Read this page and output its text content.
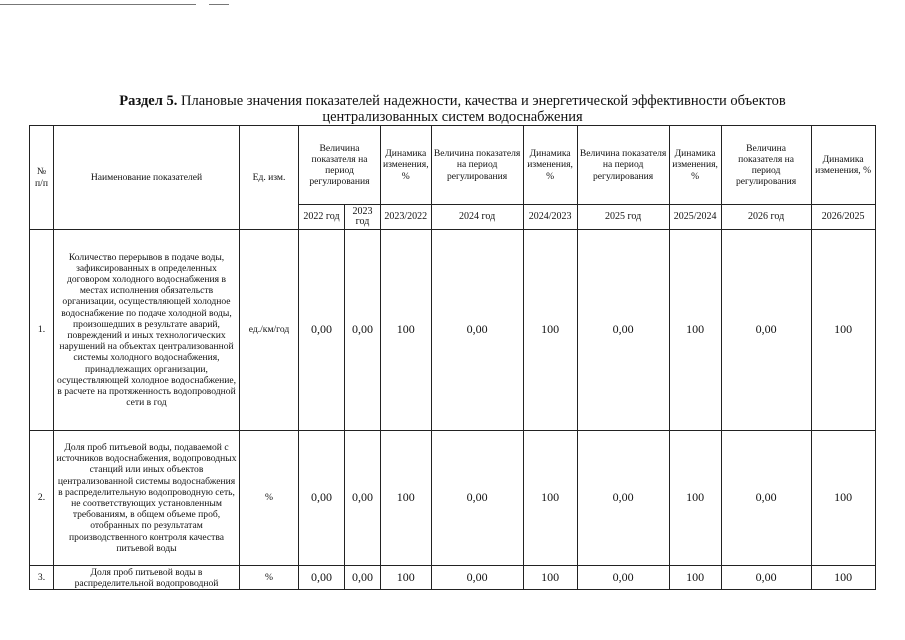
Раздел 5. Плановые значения показателей надежности, качества и энергетической эффективности объектов
централизованных систем водоснабжения
№ п/п	Наименование показателей	Ед. изм.	Величина показателя на период регулирования		Динамика изменения, %	Величина показателя на период регулирования	Динамика изменения, %	Величина показателя на период регулирования	Динамика изменения, %	Величина показателя на период регулирования	Динамика изменения, %
			2022 год	2023 год	2023/2022	2024 год	2024/2023	2025 год	2025/2024	2026 год	2026/2025
1.	Количество перерывов в подаче воды, зафиксированных в определенных договором холодного водоснабжения в местах исполнения обязательств организации, осуществляющей холодное водоснабжение по подаче холодной воды, произошедших в результате аварий, повреждений и иных технологических нарушений на объектах централизованной системы холодного водоснабжения, принадлежащих организации, осуществляющей холодное водоснабжение, в расчете на протяженность водопроводной сети в год	ед./км/год	0,00	0,00	100	0,00	100	0,00	100	0,00	100
2.	Доля проб питьевой воды, подаваемой с источников водоснабжения, водопроводных станций или иных объектов централизованной системы водоснабжения в распределительную водопроводную сеть, не соответствующих установленным требованиям, в общем объеме проб, отобранных по результатам производственного контроля качества питьевой воды	%	0,00	0,00	100	0,00	100	0,00	100	0,00	100
3.	Доля проб питьевой воды в распределительной водопроводной	%	0,00	0,00	100	0,00	100	0,00	100	0,00	100
